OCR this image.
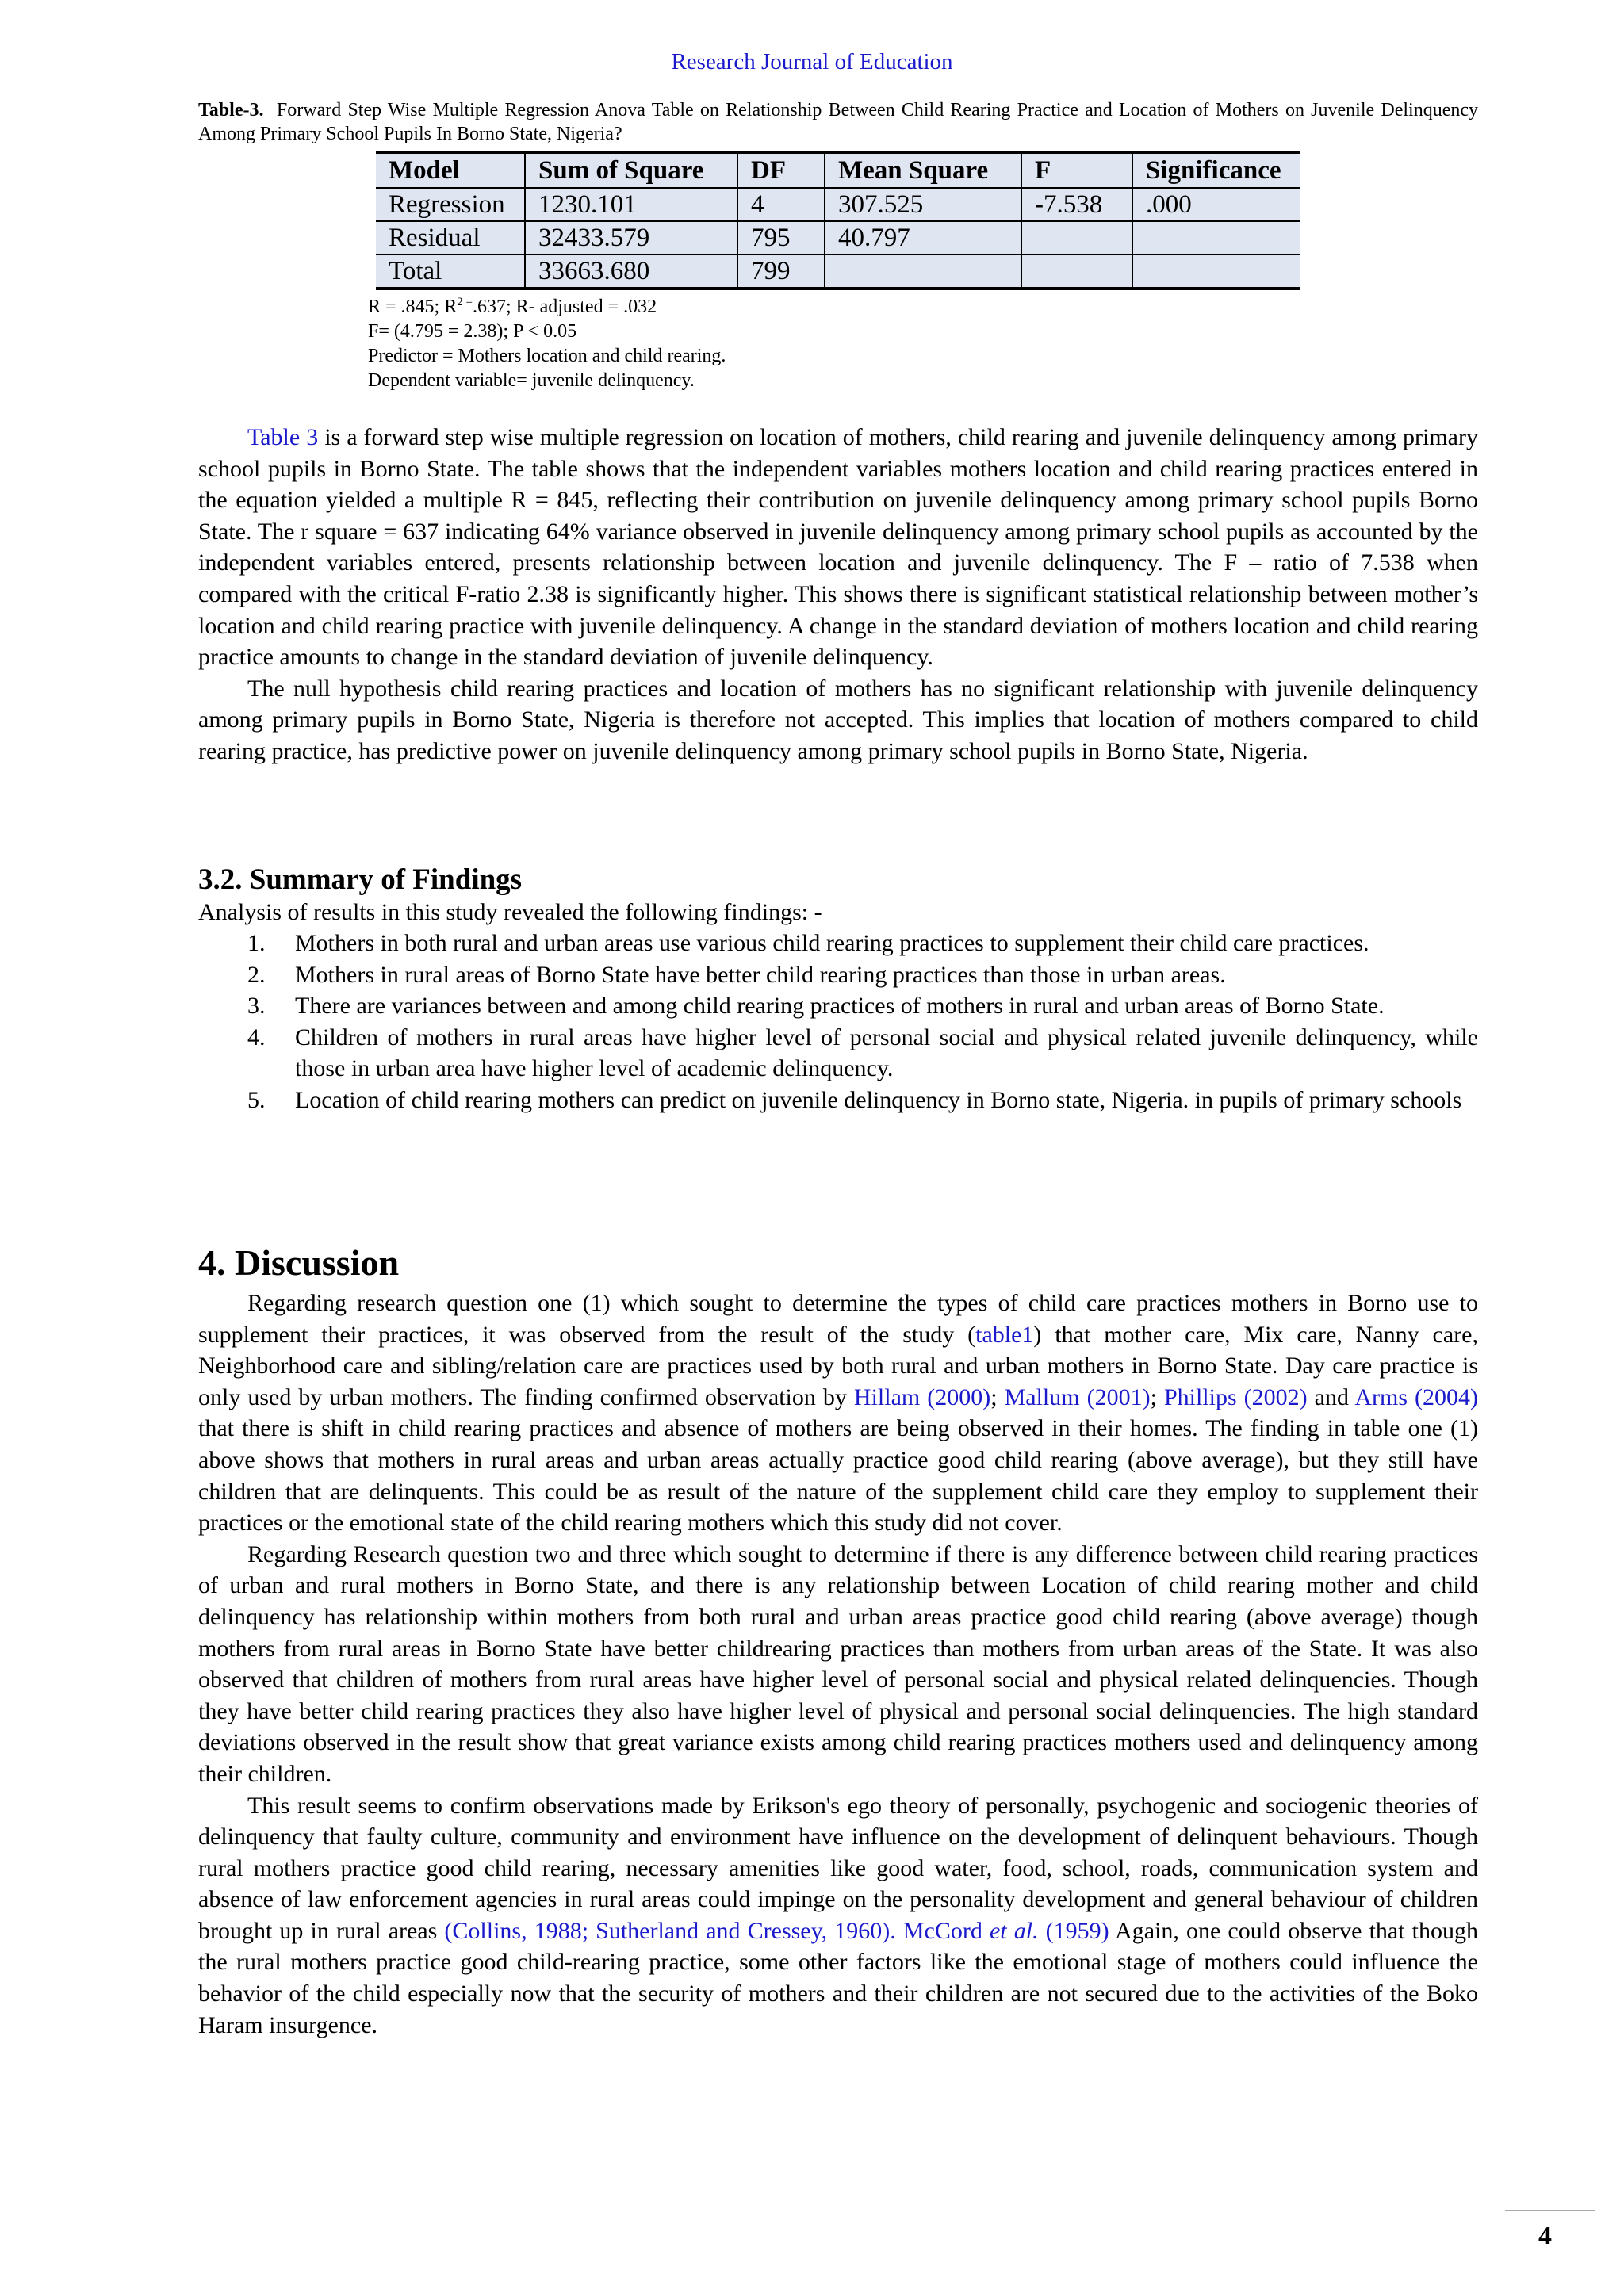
Research Journal of Education
Table-3. Forward Step Wise Multiple Regression Anova Table on Relationship Between Child Rearing Practice and Location of Mothers on Juvenile Delinquency Among Primary School Pupils In Borno State, Nigeria?
Model	Sum of Square	DF	Mean Square	F	Significance
Regression	1230.101	4	307.525	-7.538	.000
Residual	32433.579	795	40.797		
Total	33663.680	799			
R = .845; $R^{2 =}.637$; R- adjusted = .032
F= (4.795 = 2.38); P < 0.05
Predictor = Mothers location and child rearing.
Dependent variable= juvenile delinquency.

Table 3 is a forward step wise multiple regression on location of mothers, child rearing and juvenile delinquency among primary school pupils in Borno State. The table shows that the independent variables mothers location and child rearing practices entered in the equation yielded a multiple R = 845, reflecting their contribution on juvenile delinquency among primary school pupils Borno State. The r square = 637 indicating 64% variance observed in juvenile delinquency among primary school pupils as accounted by the independent variables entered, presents relationship between location and juvenile delinquency. The F – ratio of 7.538 when compared with the critical F-ratio 2.38 is significantly higher. This shows there is significant statistical relationship between mother’s location and child rearing practice with juvenile delinquency. A change in the standard deviation of mothers location and child rearing practice amounts to change in the standard deviation of juvenile delinquency.

The null hypothesis child rearing practices and location of mothers has no significant relationship with juvenile delinquency among primary pupils in Borno State, Nigeria is therefore not accepted. This implies that location of mothers compared to child rearing practice, has predictive power on juvenile delinquency among primary school pupils in Borno State, Nigeria.

3.2. Summary of Findings
Analysis of results in this study revealed the following findings: -
1. Mothers in both rural and urban areas use various child rearing practices to supplement their child care practices.
2. Mothers in rural areas of Borno State have better child rearing practices than those in urban areas.
3. There are variances between and among child rearing practices of mothers in rural and urban areas of Borno State.
4. Children of mothers in rural areas have higher level of personal social and physical related juvenile delinquency, while those in urban area have higher level of academic delinquency.
5. Location of child rearing mothers can predict on juvenile delinquency in Borno state, Nigeria. in pupils of primary schools
4. Discussion

Regarding research question one (1) which sought to determine the types of child care practices mothers in Borno use to supplement their practices, it was observed from the result of the study (table1) that mother care, Mix care, Nanny care, Neighborhood care and sibling/relation care are practices used by both rural and urban mothers in Borno State. Day care practice is only used by urban mothers. The finding confirmed observation by Hillam (2000); Mallum (2001); Phillips (2002) and Arms (2004) that there is shift in child rearing practices and absence of mothers are being observed in their homes. The finding in table one (1) above shows that mothers in rural areas and urban areas actually practice good child rearing (above average), but they still have children that are delinquents. This could be as result of the nature of the supplement child care they employ to supplement their practices or the emotional state of the child rearing mothers which this study did not cover.

Regarding Research question two and three which sought to determine if there is any difference between child rearing practices of urban and rural mothers in Borno State, and there is any relationship between Location of child rearing mother and child delinquency has relationship within mothers from both rural and urban areas practice good child rearing (above average) though mothers from rural areas in Borno State have better childrearing practices than mothers from urban areas of the State. It was also observed that children of mothers from rural areas have higher level of personal social and physical related delinquencies. Though they have better child rearing practices they also have higher level of physical and personal social delinquencies. The high standard deviations observed in the result show that great variance exists among child rearing practices mothers used and delinquency among their children.

This result seems to confirm observations made by Erikson's ego theory of personally, psychogenic and sociogenic theories of delinquency that faulty culture, community and environment have influence on the development of delinquent behaviours. Though rural mothers practice good child rearing, necessary amenities like good water, food, school, roads, communication system and absence of law enforcement agencies in rural areas could impinge on the personality development and general behaviour of children brought up in rural areas (Collins, 1988; Sutherland and Cressey, 1960). McCord et al. (1959) Again, one could observe that though the rural mothers practice good child-rearing practice, some other factors like the emotional stage of mothers could influence the behavior of the child especially now that the security of mothers and their children are not secured due to the activities of the Boko Haram insurgence.

4
